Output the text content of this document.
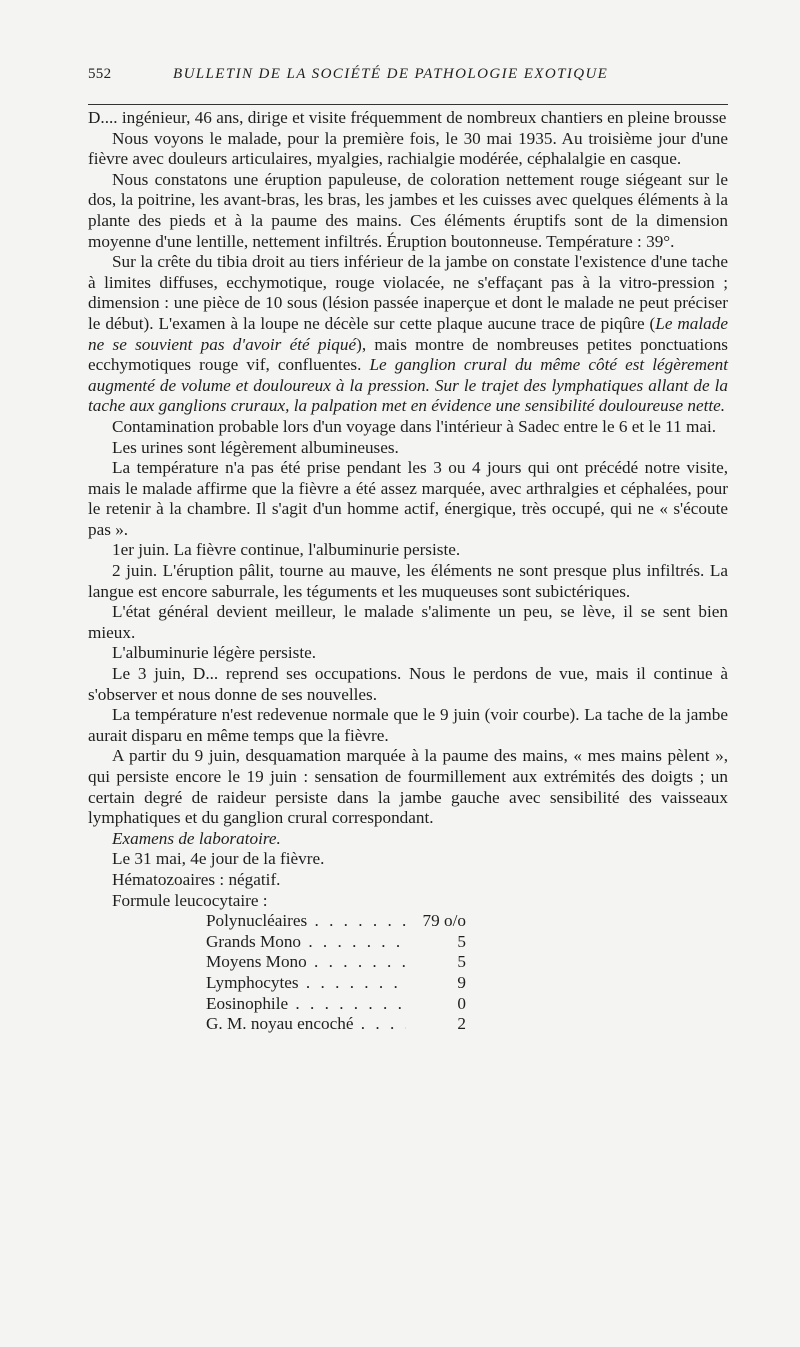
552	BULLETIN DE LA SOCIÉTÉ DE PATHOLOGIE EXOTIQUE

D.... ingénieur, 46 ans, dirige et visite fréquemment de nombreux chantiers en pleine brousse

Nous voyons le malade, pour la première fois, le 30 mai 1935. Au troisième jour d'une fièvre avec douleurs articulaires, myalgies, rachialgie modérée, céphalalgie en casque.

Nous constatons une éruption papuleuse, de coloration nettement rouge siégeant sur le dos, la poitrine, les avant-bras, les bras, les jambes et les cuisses avec quelques éléments à la plante des pieds et à la paume des mains. Ces éléments éruptifs sont de la dimension moyenne d'une lentille, nettement infiltrés. Éruption boutonneuse. Température : 39°.

Sur la crête du tibia droit au tiers inférieur de la jambe on constate l'existence d'une tache à limites diffuses, ecchymotique, rouge violacée, ne s'effaçant pas à la vitro-pression ; dimension : une pièce de 10 sous (lésion passée inaperçue et dont le malade ne peut préciser le début). L'examen à la loupe ne décèle sur cette plaque aucune trace de piqûre (Le malade ne se souvient pas d'avoir été piqué), mais montre de nombreuses petites ponctuations ecchymotiques rouge vif, confluentes. Le ganglion crural du même côté est légèrement augmenté de volume et douloureux à la pression. Sur le trajet des lymphatiques allant de la tache aux ganglions cruraux, la palpation met en évidence une sensibilité douloureuse nette.

Contamination probable lors d'un voyage dans l'intérieur à Sadec entre le 6 et le 11 mai.

Les urines sont légèrement albumineuses.

La température n'a pas été prise pendant les 3 ou 4 jours qui ont précédé notre visite, mais le malade affirme que la fièvre a été assez marquée, avec arthralgies et céphalées, pour le retenir à la chambre. Il s'agit d'un homme actif, énergique, très occupé, qui ne « s'écoute pas ».

1er juin. La fièvre continue, l'albuminurie persiste.

2 juin. L'éruption pâlit, tourne au mauve, les éléments ne sont presque plus infiltrés. La langue est encore saburrale, les téguments et les muqueuses sont subictériques.

L'état général devient meilleur, le malade s'alimente un peu, se lève, il se sent bien mieux.

L'albuminurie légère persiste.

Le 3 juin, D... reprend ses occupations. Nous le perdons de vue, mais il continue à s'observer et nous donne de ses nouvelles.

La température n'est redevenue normale que le 9 juin (voir courbe). La tache de la jambe aurait disparu en même temps que la fièvre.

A partir du 9 juin, desquamation marquée à la paume des mains, « mes mains pèlent », qui persiste encore le 19 juin : sensation de fourmillement aux extrémités des doigts ; un certain degré de raideur persiste dans la jambe gauche avec sensibilité des vaisseaux lymphatiques et du ganglion crural correspondant.

Examens de laboratoire.

Le 31 mai, 4e jour de la fièvre.

Hématozoaires : négatif.

Formule leucocytaire :

Polynucléaires . . .	79 o/o
Grands Mono . . .	5
Moyens Mono . . .	5
Lymphocytes . . .	9
Eosinophile . . .	0
G. M. noyau encoché . . .	2
